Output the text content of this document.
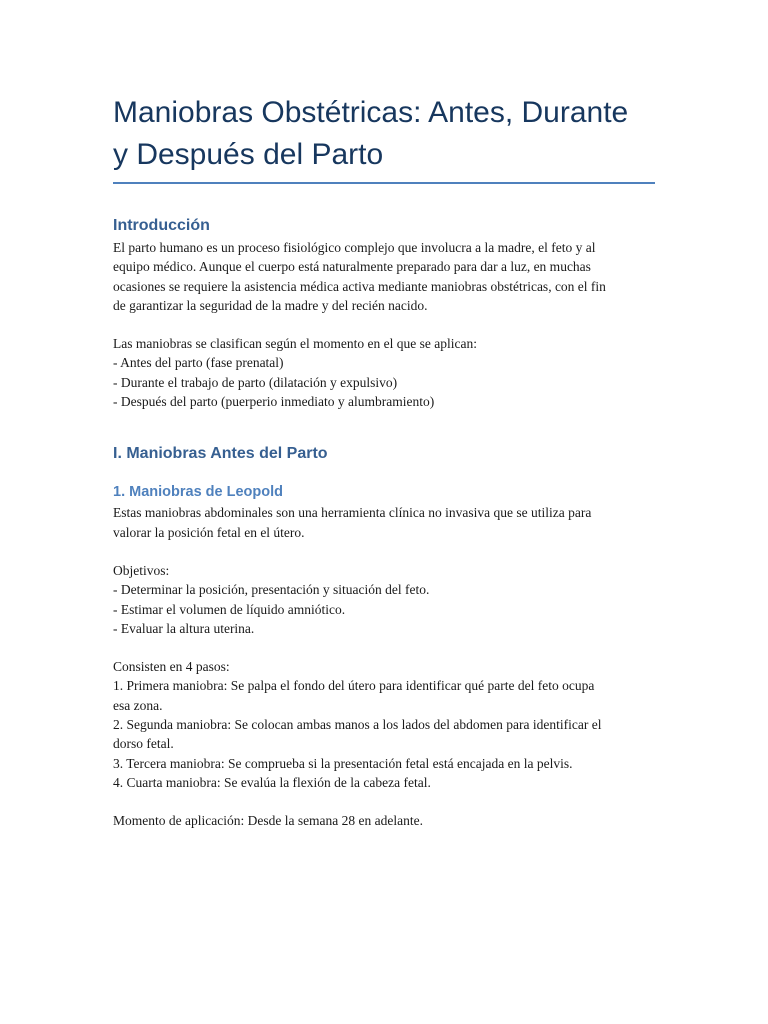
Maniobras Obstétricas: Antes, Durante
y Después del Parto
Introducción

El parto humano es un proceso fisiológico complejo que involucra a la madre, el feto y al
equipo médico. Aunque el cuerpo está naturalmente preparado para dar a luz, en muchas
ocasiones se requiere la asistencia médica activa mediante maniobras obstétricas, con el fin
de garantizar la seguridad de la madre y del recién nacido.

Las maniobras se clasifican según el momento en el que se aplican:
- Antes del parto (fase prenatal)
- Durante el trabajo de parto (dilatación y expulsivo)
- Después del parto (puerperio inmediato y alumbramiento)

I. Maniobras Antes del Parto
1. Maniobras de Leopold

Estas maniobras abdominales son una herramienta clínica no invasiva que se utiliza para
valorar la posición fetal en el útero.

Objetivos:
- Determinar la posición, presentación y situación del feto.
- Estimar el volumen de líquido amniótico.
- Evaluar la altura uterina.

Consisten en 4 pasos:
1. Primera maniobra: Se palpa el fondo del útero para identificar qué parte del feto ocupa
esa zona.
2. Segunda maniobra: Se colocan ambas manos a los lados del abdomen para identificar el
dorso fetal.
3. Tercera maniobra: Se comprueba si la presentación fetal está encajada en la pelvis.
4. Cuarta maniobra: Se evalúa la flexión de la cabeza fetal.

Momento de aplicación: Desde la semana 28 en adelante.
